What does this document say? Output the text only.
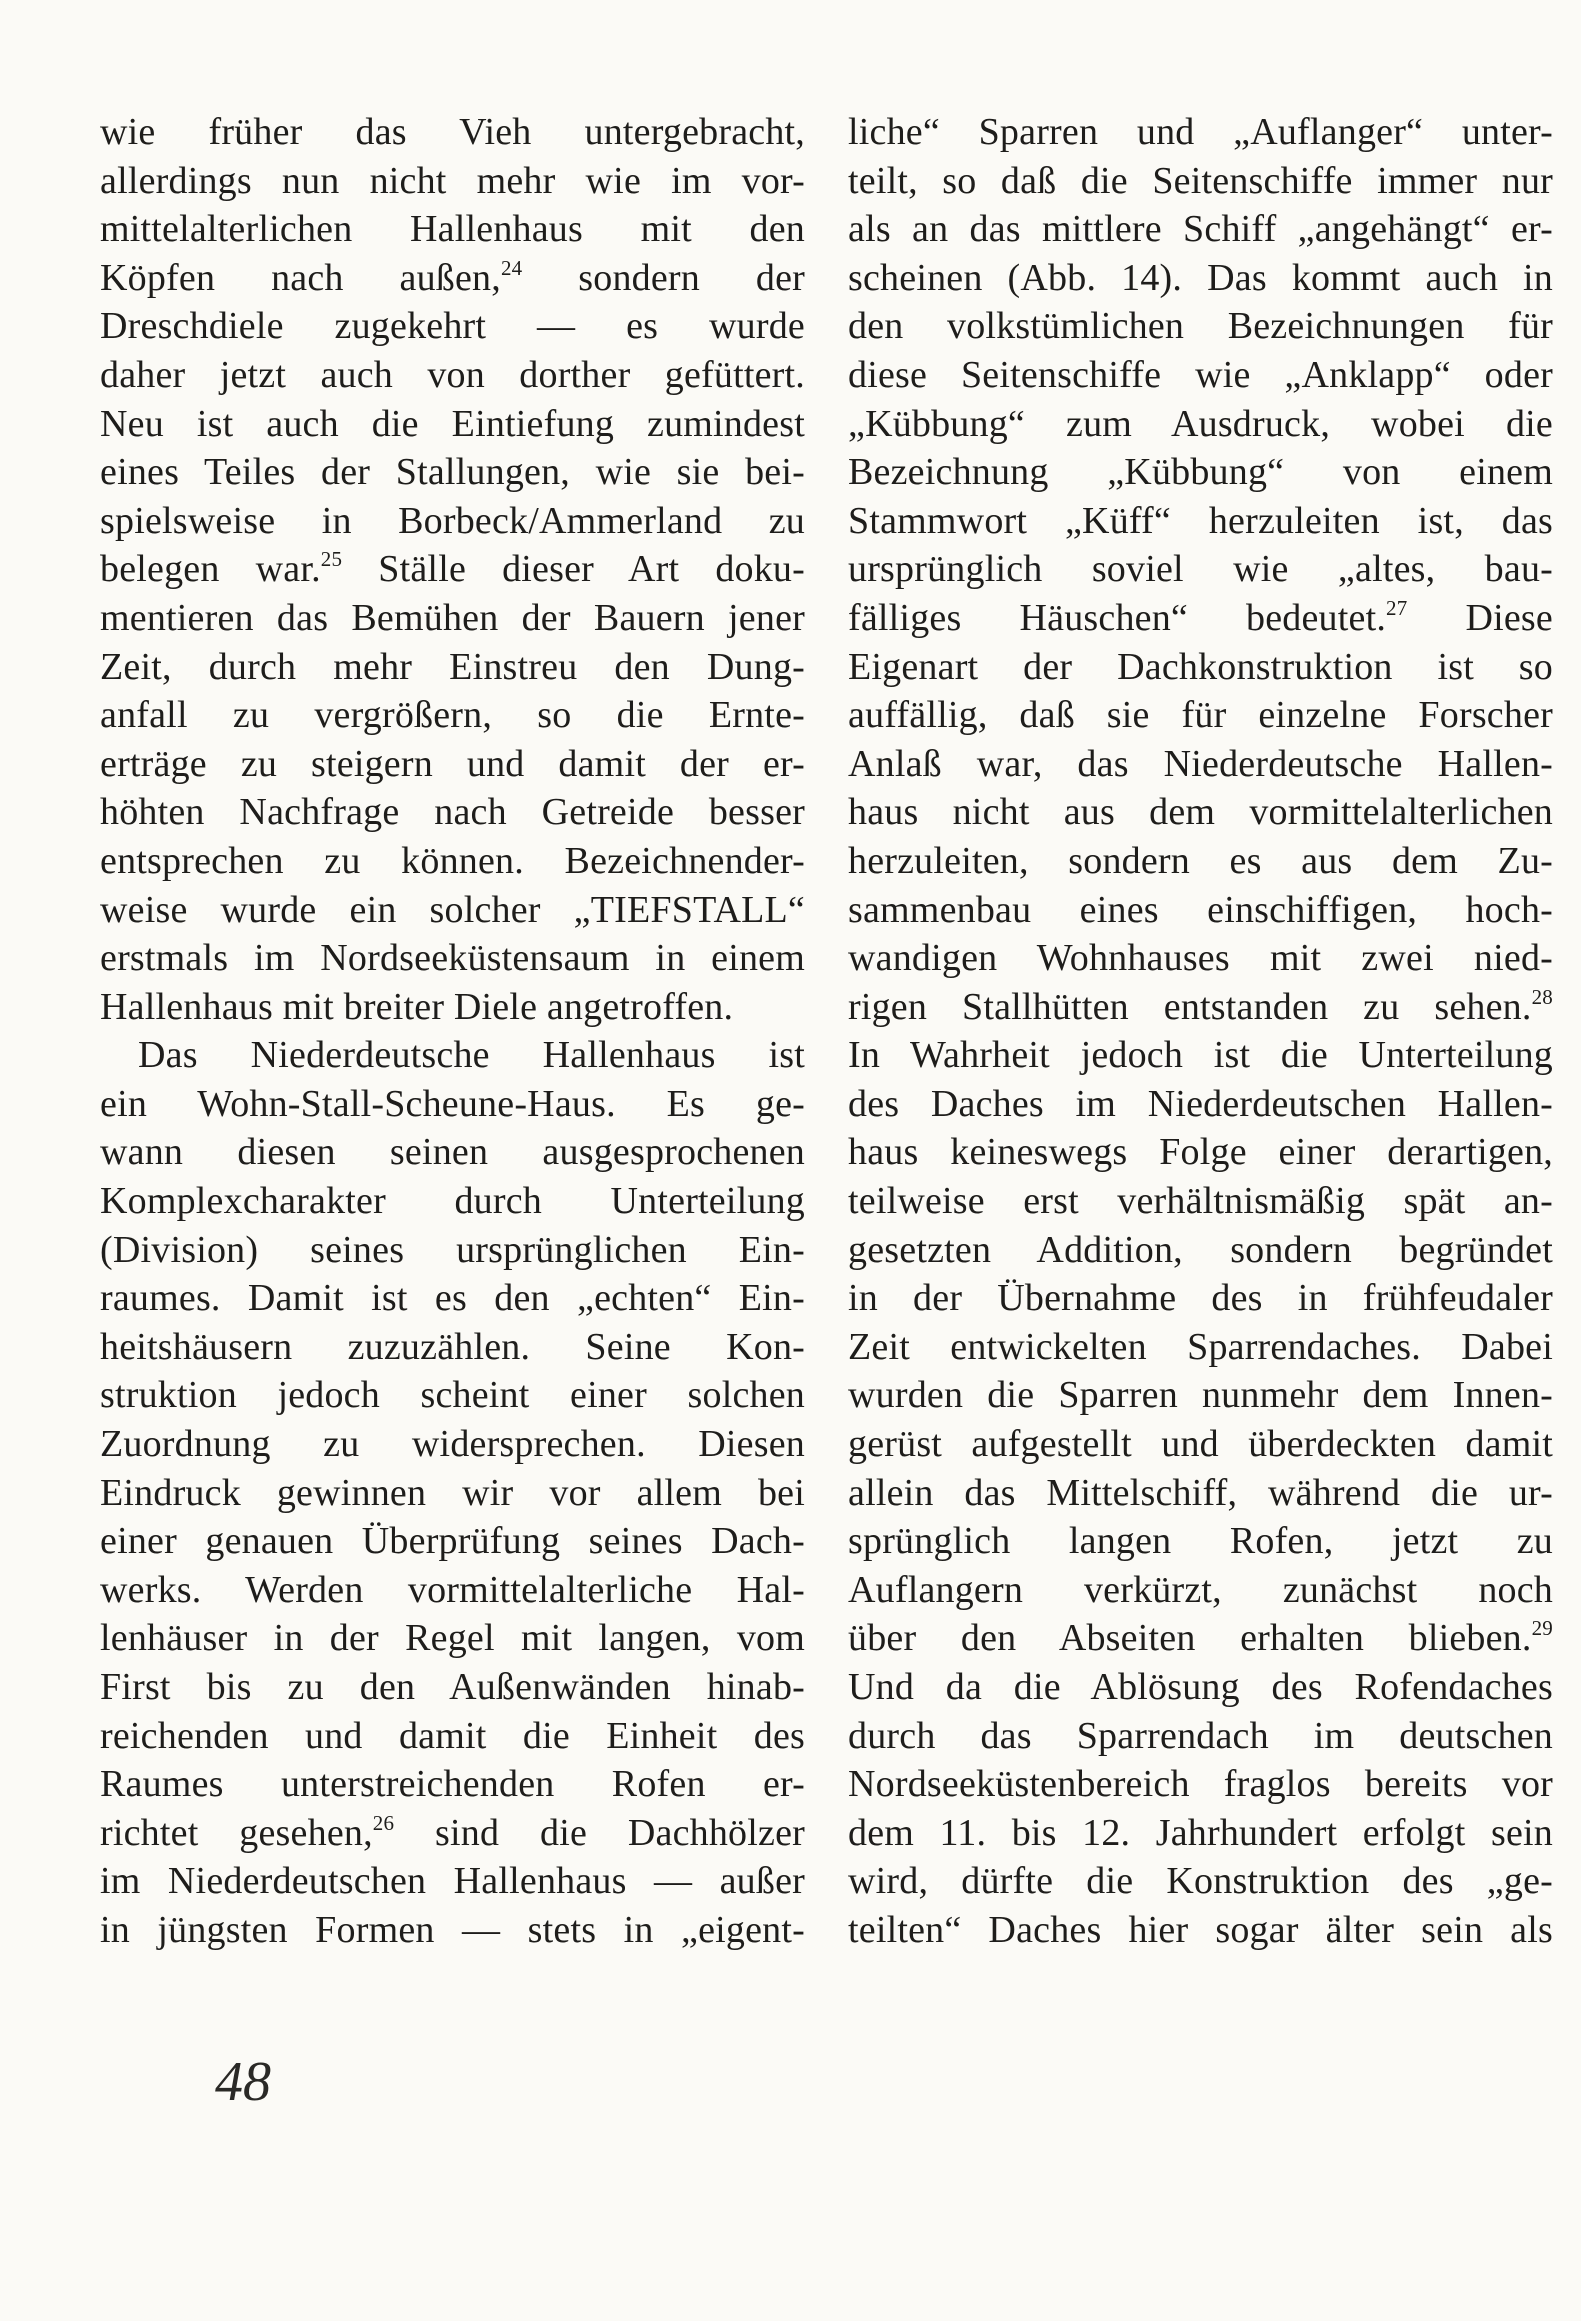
wie früher das Vieh untergebracht,
allerdings nun nicht mehr wie im vor-
mittelalterlichen Hallenhaus mit den
Köpfen nach außen,$^{24}$ sondern der
Dreschdiele zugekehrt — es wurde
daher jetzt auch von dorther gefüttert.
Neu ist auch die Eintiefung zumindest
eines Teiles der Stallungen, wie sie bei-
spielsweise in Borbeck/Ammerland zu
belegen war.$^{25}$ Ställe dieser Art doku-
mentieren das Bemühen der Bauern jener
Zeit, durch mehr Einstreu den Dung-
anfall zu vergrößern, so die Ernte-
erträge zu steigern und damit der er-
höhten Nachfrage nach Getreide besser
entsprechen zu können. Bezeichnender-
weise wurde ein solcher „TIEFSTALL“
erstmals im Nordseeküstensaum in einem
Hallenhaus mit breiter Diele angetroffen.
Das Niederdeutsche Hallenhaus ist
ein Wohn-Stall-Scheune-Haus. Es ge-
wann diesen seinen ausgesprochenen
Komplexcharakter durch Unterteilung
(Division) seines ursprünglichen Ein-
raumes. Damit ist es den „echten“ Ein-
heitshäusern zuzuzählen. Seine Kon-
struktion jedoch scheint einer solchen
Zuordnung zu widersprechen. Diesen
Eindruck gewinnen wir vor allem bei
einer genauen Überprüfung seines Dach-
werks. Werden vormittelalterliche Hal-
lenhäuser in der Regel mit langen, vom
First bis zu den Außenwänden hinab-
reichenden und damit die Einheit des
Raumes unterstreichenden Rofen er-
richtet gesehen,$^{26}$ sind die Dachhölzer
im Niederdeutschen Hallenhaus — außer
in jüngsten Formen — stets in „eigent-
liche“ Sparren und „Auflanger“ unter-
teilt, so daß die Seitenschiffe immer nur
als an das mittlere Schiff „angehängt“ er-
scheinen (Abb. 14). Das kommt auch in
den volkstümlichen Bezeichnungen für
diese Seitenschiffe wie „Anklapp“ oder
„Kübbung“ zum Ausdruck, wobei die
Bezeichnung „Kübbung“ von einem
Stammwort „Küff“ herzuleiten ist, das
ursprünglich soviel wie „altes, bau-
fälliges Häuschen“ bedeutet.$^{27}$ Diese
Eigenart der Dachkonstruktion ist so
auffällig, daß sie für einzelne Forscher
Anlaß war, das Niederdeutsche Hallen-
haus nicht aus dem vormittelalterlichen
herzuleiten, sondern es aus dem Zu-
sammenbau eines einschiffigen, hoch-
wandigen Wohnhauses mit zwei nied-
rigen Stallhütten entstanden zu sehen.$^{28}$
In Wahrheit jedoch ist die Unterteilung
des Daches im Niederdeutschen Hallen-
haus keineswegs Folge einer derartigen,
teilweise erst verhältnismäßig spät an-
gesetzten Addition, sondern begründet
in der Übernahme des in frühfeudaler
Zeit entwickelten Sparrendaches. Dabei
wurden die Sparren nunmehr dem Innen-
gerüst aufgestellt und überdeckten damit
allein das Mittelschiff, während die ur-
sprünglich langen Rofen, jetzt zu
Auflangern verkürzt, zunächst noch
über den Abseiten erhalten blieben.$^{29}$
Und da die Ablösung des Rofendaches
durch das Sparrendach im deutschen
Nordseeküstenbereich fraglos bereits vor
dem 11. bis 12. Jahrhundert erfolgt sein
wird, dürfte die Konstruktion des „ge-
teilten“ Daches hier sogar älter sein als
48
